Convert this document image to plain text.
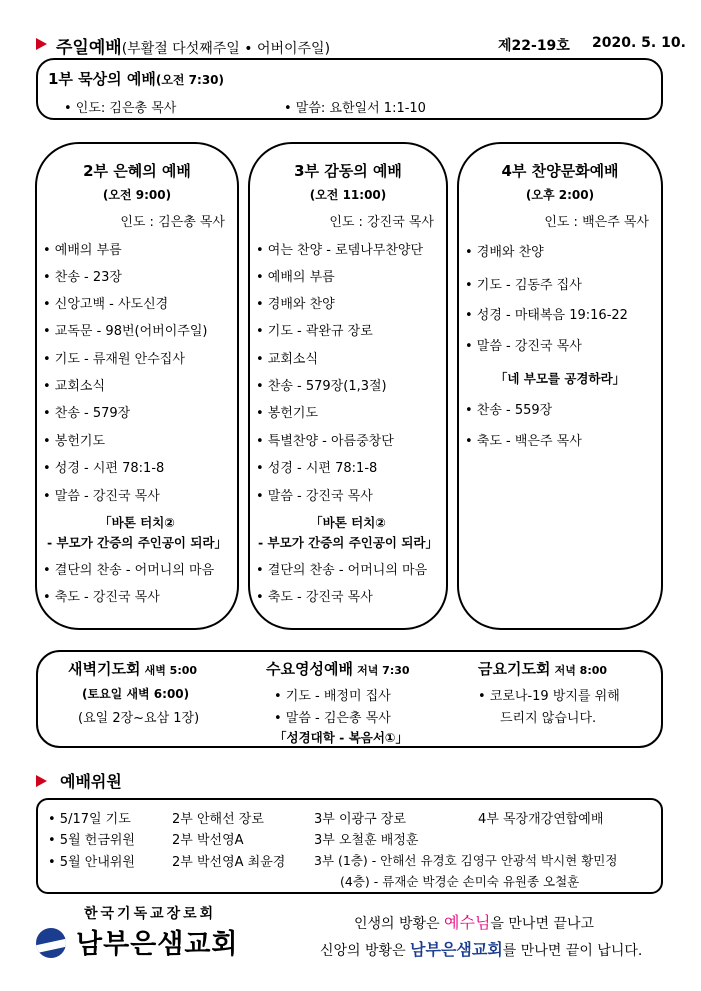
주일예배(부활절 다섯째주일 • 어버이주일)	제22-19호 2020. 5. 10.
1부 묵상의 예배(오전 7:30)
• 인도: 김은총 목사	• 말씀: 요한일서 1:1-10
2부 은혜의 예배
(오전 9:00)
인도 : 김은총 목사
• 예배의 부름
• 찬송 - 23장
• 신앙고백 - 사도신경
• 교독문 - 98번(어버이주일)
• 기도 - 류재원 안수집사
• 교회소식
• 찬송 - 579장
• 봉헌기도
• 성경 - 시편 78:1-8
• 말씀 - 강진국 목사
「바톤 터치②
- 부모가 간증의 주인공이 되라」
• 결단의 찬송 - 어머니의 마음
• 축도 - 강진국 목사
3부 감동의 예배
(오전 11:00)
인도 : 강진국 목사
• 여는 찬양 - 로뎀나무찬양단
• 예배의 부름
• 경배와 찬양
• 기도 - 곽완규 장로
• 교회소식
• 찬송 - 579장(1,3절)
• 봉헌기도
• 특별찬양 - 아름중창단
• 성경 - 시편 78:1-8
• 말씀 - 강진국 목사
「바톤 터치②
- 부모가 간증의 주인공이 되라」
• 결단의 찬송 - 어머니의 마음
• 축도 - 강진국 목사
4부 찬양문화예배
(오후 2:00)
인도 : 백은주 목사
• 경배와 찬양
• 기도 - 김동주 집사
• 성경 - 마태복음 19:16-22
• 말씀 - 강진국 목사
「네 부모를 공경하라」
• 찬송 - 559장
• 축도 - 백은주 목사
새벽기도회 새벽 5:00
(토요일 새벽 6:00)
(요일 2장~요삼 1장)
수요영성예배 저녁 7:30
• 기도 - 배정미 집사
• 말씀 - 김은총 목사
「성경대학 - 복음서①」
금요기도회 저녁 8:00
• 코로나-19 방지를 위해
드리지 않습니다.
예배위원
• 5/17일 기도	2부 안해선 장로	3부 이광구 장로	4부 목장개강연합예배
• 5월 헌금위원	2부 박선영A	3부 오철훈 배정훈
• 5월 안내위원	2부 박선영A 최윤경 3부 (1층) - 안해선 유경호 김영구 안광석 박시현 황민정
(4층) - 류재순 박경순 손미숙 유원종 오철훈
한국기독교장로회
남부은샘교회
인생의 방황은 예수님을 만나면 끝나고
신앙의 방황은 남부은샘교회를 만나면 끝이 납니다.
